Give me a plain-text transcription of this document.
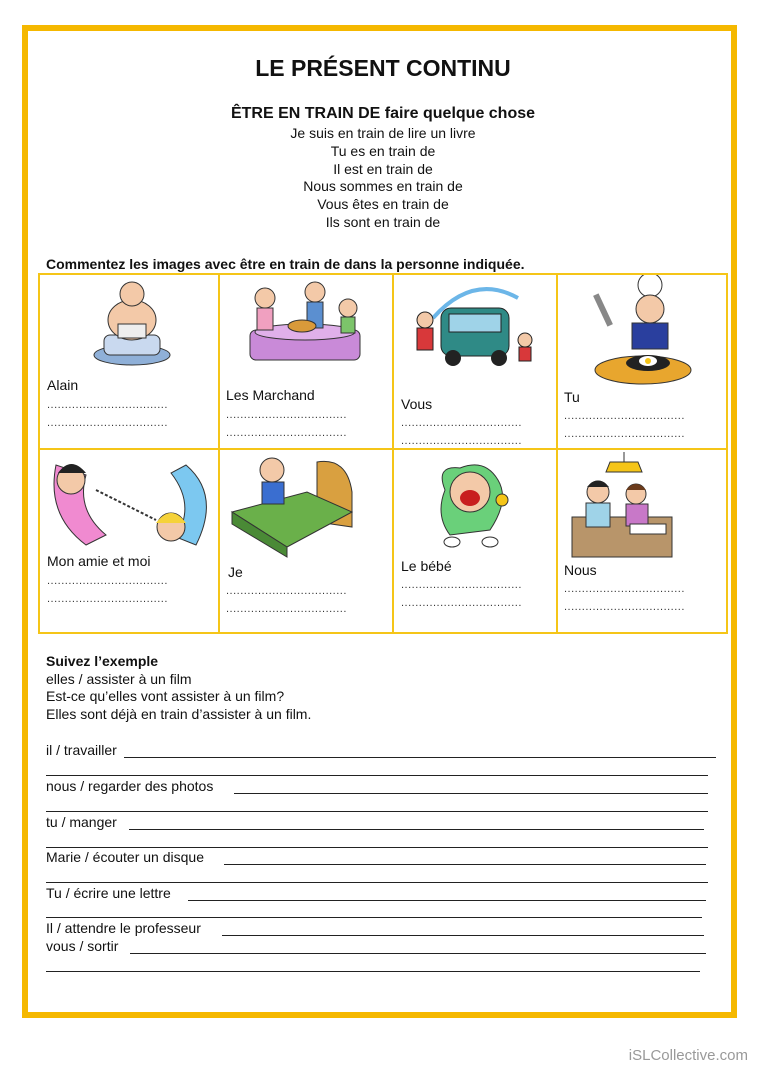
LE PRÉSENT CONTINU
ÊTRE EN TRAIN DE faire quelque chose
Je suis en train de lire un livre
Tu es en train de
Il est en train de
Nous sommes en train de
Vous êtes en train de
Ils sont en train de
Commentez les images avec être en train de dans la personne indiquée.
Alain
..................................
..................................
Les Marchand
..................................
..................................
Vous
..................................
..................................
Tu
..................................
..................................
Mon amie et moi
..................................
..................................
Je
..................................
..................................
Le bébé
..................................
..................................
Nous
..................................
..................................
Suivez l’exemple
elles / assister à un film
Est-ce qu’elles vont assister à un film?
Elles sont déjà en train d’assister à un film.
il / travailler
nous / regarder des photos
tu / manger
Marie / écouter un disque
Tu / écrire une lettre
Il / attendre le professeur
vous / sortir
iSLCollective.com
